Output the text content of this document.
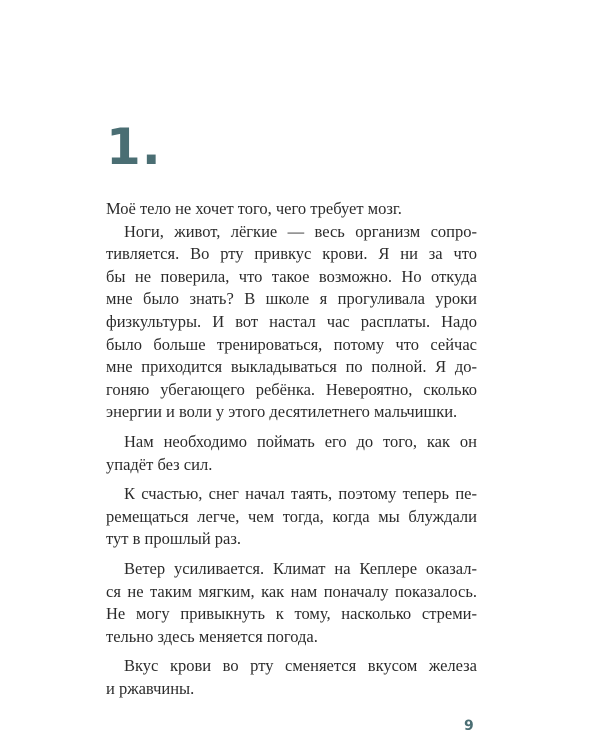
1.
Моё тело не хочет того, чего требует мозг.
Ноги, живот, лёгкие — весь организм сопро-
тивляется. Во рту привкус крови. Я ни за что
бы не поверила, что такое возможно. Но откуда
мне было знать? В школе я прогуливала уроки
физкультуры. И вот настал час расплаты. Надо
было больше тренироваться, потому что сейчас
мне приходится выкладываться по полной. Я до-
гоняю убегающего ребёнка. Невероятно, сколько
энергии и воли у этого десятилетнего мальчишки.
Нам необходимо поймать его до того, как он
упадёт без сил.
К счастью, снег начал таять, поэтому теперь пе-
ремещаться легче, чем тогда, когда мы блуждали
тут в прошлый раз.
Ветер усиливается. Климат на Кеплере оказал-
ся не таким мягким, как нам поначалу показалось.
Не могу привыкнуть к тому, насколько стреми-
тельно здесь меняется погода.
Вкус крови во рту сменяется вкусом железа
и ржавчины.
9
